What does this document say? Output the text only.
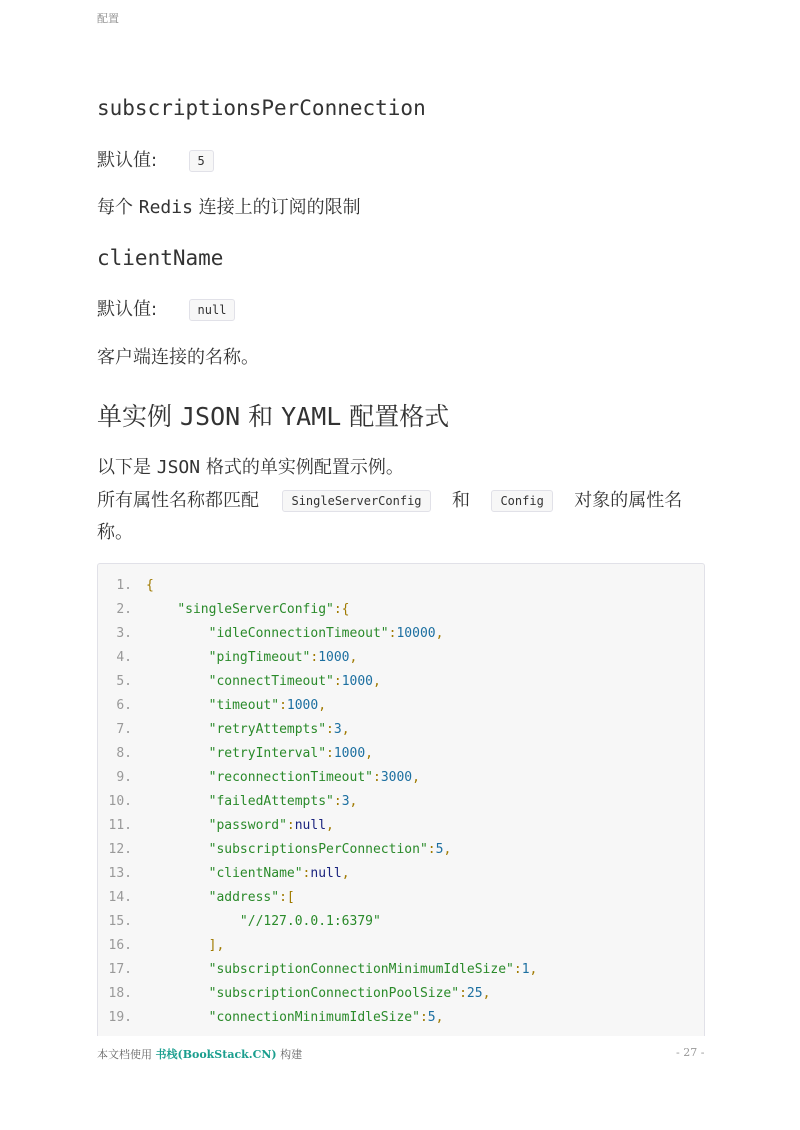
配置
subscriptionsPerConnection
默认值:	5
每个 Redis 连接上的订阅的限制
clientName
默认值:	null
客户端连接的名称。
单实例 JSON 和 YAML 配置格式
以下是 JSON 格式的单实例配置示例。
所有属性名称都匹配	SingleServerConfig 和	Config 对象的属性名
称。
1. {
2.	"singleServerConfig":{
3.	"idleConnectionTimeout":10000,
4.	"pingTimeout":1000,
5.	"connectTimeout":1000,
6.	"timeout":1000,
7.	"retryAttempts":3,
8.	"retryInterval":1000,
9.	"reconnectionTimeout":3000,
10.	"failedAttempts":3,
11.	"password":null,
12.	"subscriptionsPerConnection":5,
13.	"clientName":null,
14.	"address":[
15.	"//127.0.0.1:6379"
16.	],
17.	"subscriptionConnectionMinimumIdleSize":1,
18.	"subscriptionConnectionPoolSize":25,
19.	"connectionMinimumIdleSize":5,
本文档使用 书栈(BookStack.CN) 构建	- 27 -
